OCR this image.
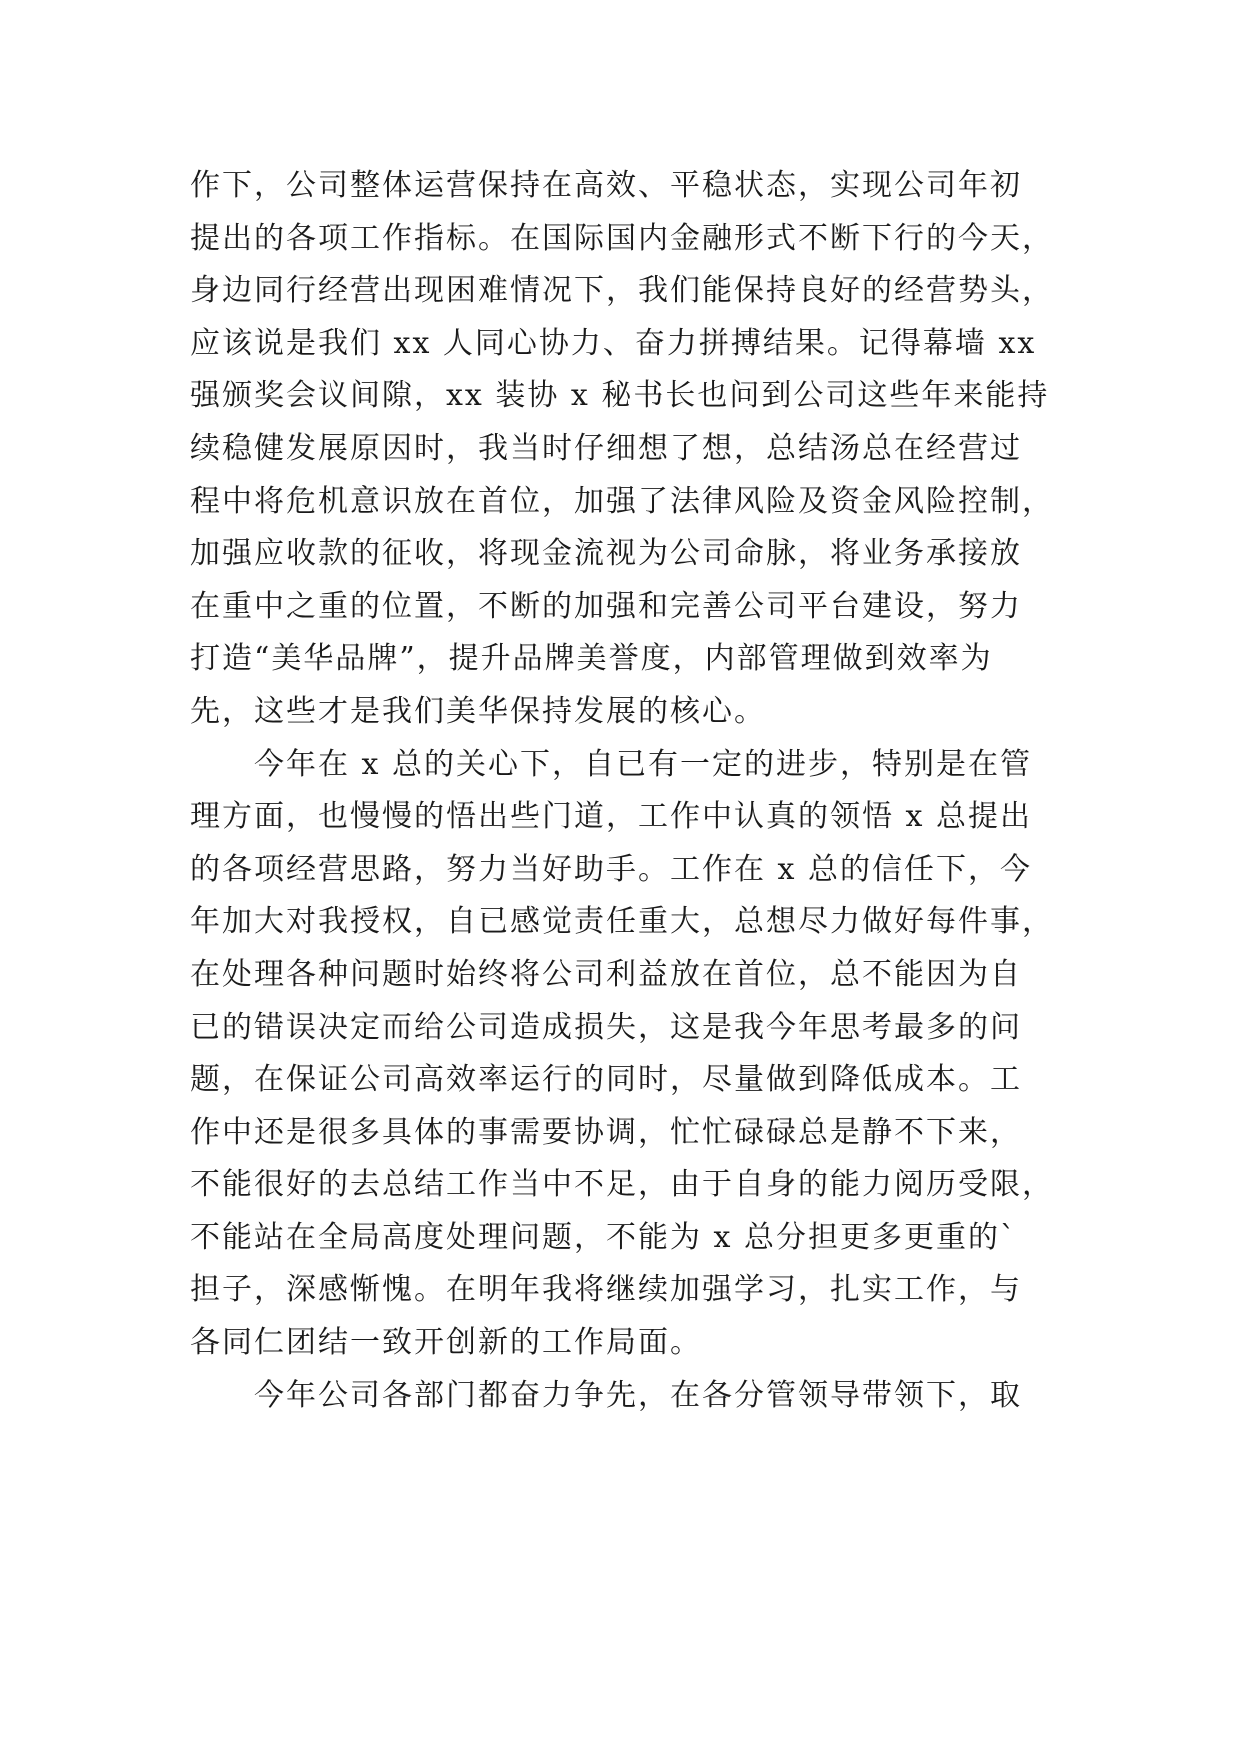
作下，公司整体运营保持在高效、平稳状态，实现公司年初
提出的各项工作指标。在国际国内金融形式不断下行的今天，
身边同行经营出现困难情况下，我们能保持良好的经营势头，
应该说是我们 xx 人同心协力、奋力拼搏结果。记得幕墙 xx
强颁奖会议间隙，xx 装协 x 秘书长也问到公司这些年来能持
续稳健发展原因时，我当时仔细想了想，总结汤总在经营过
程中将危机意识放在首位，加强了法律风险及资金风险控制，
加强应收款的征收，将现金流视为公司命脉，将业务承接放
在重中之重的位置，不断的加强和完善公司平台建设，努力
打造“美华品牌”，提升品牌美誉度，内部管理做到效率为
先，这些才是我们美华保持发展的核心。
　　今年在 x 总的关心下，自已有一定的进步，特别是在管
理方面，也慢慢的悟出些门道，工作中认真的领悟 x 总提出
的各项经营思路，努力当好助手。工作在 x 总的信任下，今
年加大对我授权，自已感觉责任重大，总想尽力做好每件事，
在处理各种问题时始终将公司利益放在首位，总不能因为自
已的错误决定而给公司造成损失，这是我今年思考最多的问
题，在保证公司高效率运行的同时，尽量做到降低成本。工
作中还是很多具体的事需要协调，忙忙碌碌总是静不下来，
不能很好的去总结工作当中不足，由于自身的能力阅历受限，
不能站在全局高度处理问题，不能为 x 总分担更多更重的`
担子，深感惭愧。在明年我将继续加强学习，扎实工作，与
各同仁团结一致开创新的工作局面。
　　今年公司各部门都奋力争先，在各分管领导带领下，取
